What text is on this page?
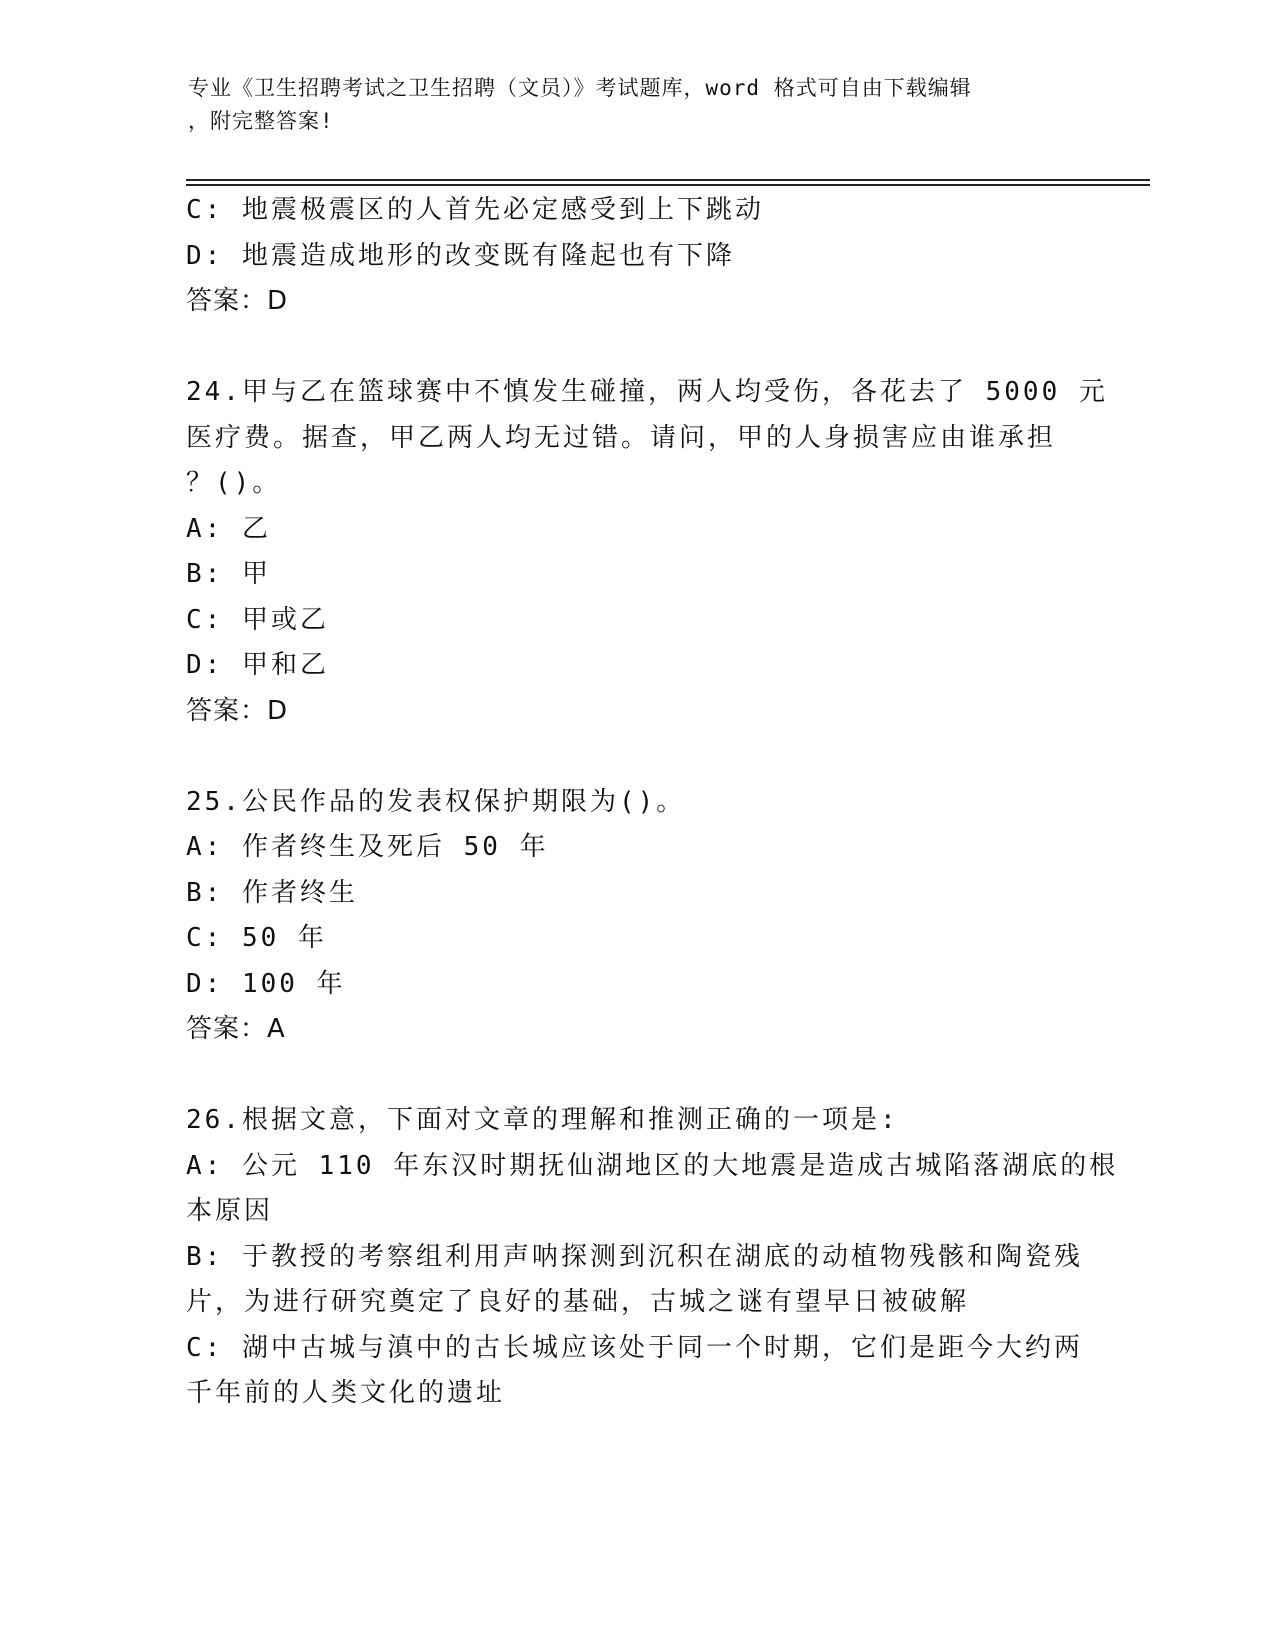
专业《卫生招聘考试之卫生招聘（文员）》考试题库，word 格式可自由下载编辑
，附完整答案!
C: 地震极震区的人首先必定感受到上下跳动
D: 地震造成地形的改变既有隆起也有下降
答案：D
24.甲与乙在篮球赛中不慎发生碰撞，两人均受伤，各花去了 5000 元
医疗费。据查，甲乙两人均无过错。请问，甲的人身损害应由谁承担
？()。
A: 乙
B: 甲
C: 甲或乙
D: 甲和乙
答案：D
25.公民作品的发表权保护期限为()。
A: 作者终生及死后 50 年
B: 作者终生
C: 50 年
D: 100 年
答案：A
26.根据文意，下面对文章的理解和推测正确的一项是:
A: 公元 110 年东汉时期抚仙湖地区的大地震是造成古城陷落湖底的根
本原因
B: 于教授的考察组利用声呐探测到沉积在湖底的动植物残骸和陶瓷残
片，为进行研究奠定了良好的基础，古城之谜有望早日被破解
C: 湖中古城与滇中的古长城应该处于同一个时期，它们是距今大约两
千年前的人类文化的遗址
